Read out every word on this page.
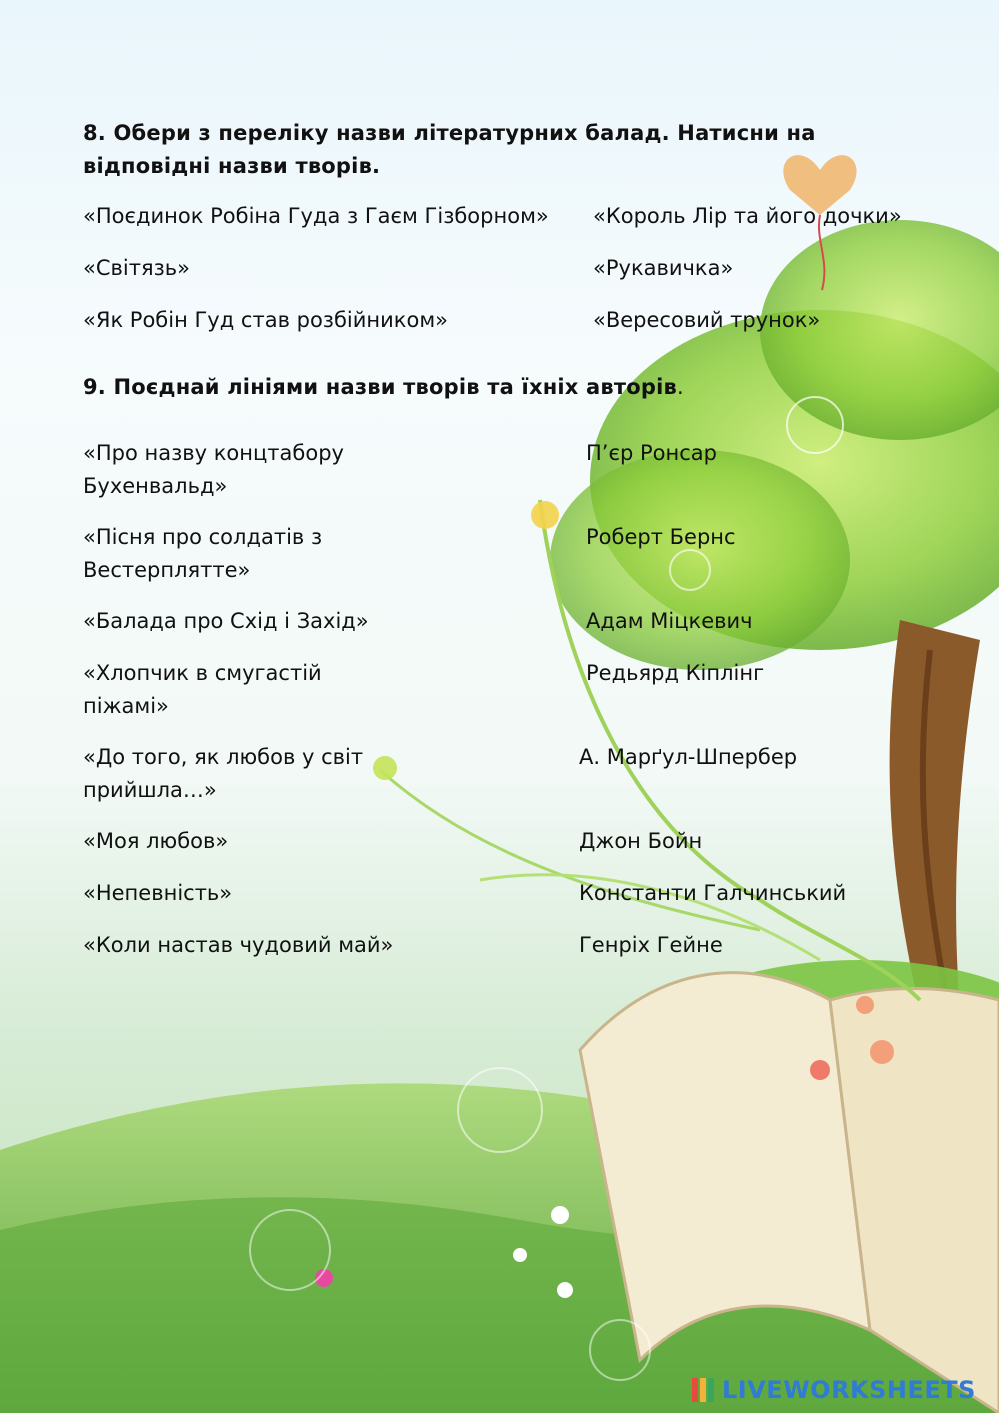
8. Обери з переліку назви літературних балад. Натисни на відповідні назви творів.
«Поєдинок Робіна Гуда з Гаєм Гізборном» «Король Лір та його дочки»
«Світязь»	«Рукавичка»
«Як Робін Гуд став розбійником»	«Вересовий трунок»
9. Поєднай лініями назви творів та їхніх авторів.
«Про назву концтабору Бухенвальд»
«Пісня про солдатів з Вестерплятте»
«Балада про Схід і Захід»
«Хлопчик в смугастій піжамі»
«До того, як любов у світ прийшла…»
«Моя любов»
«Непевність»
«Коли настав чудовий май»
П’єр Ронсар
Роберт Бернс
Адам Міцкевич
Редьярд Кіплінг
А. Марґул-Шпербер
Джон Бойн
Константи Галчинський
Генріх Гейне
LIVEWORKSHEETS
